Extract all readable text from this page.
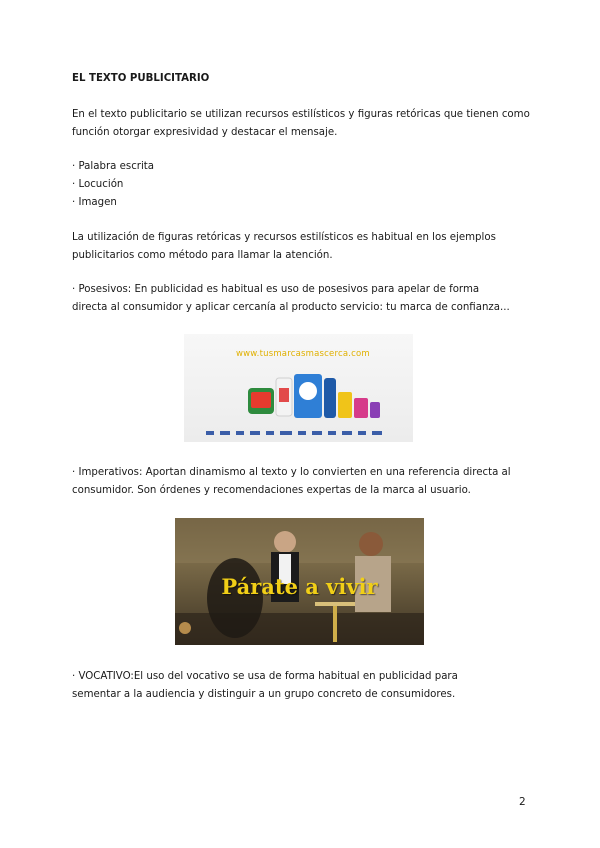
EL TEXTO PUBLICITARIO
En el texto publicitario se utilizan recursos estilísticos y figuras retóricas que tienen como
función otorgar expresividad y destacar el mensaje.
· Palabra escrita
· Locución
· Imagen
La utilización de figuras retóricas y recursos estilísticos es habitual en los ejemplos
publicitarios como método para llamar la atención.
· Posesivos: En publicidad es habitual es uso de posesivos para apelar de forma
directa al consumidor y aplicar cercanía al producto servicio: tu marca de confianza...
www.tusmarcasmascerca.com
· Imperativos: Aportan dinamismo al texto y lo convierten en una referencia directa al
consumidor. Son órdenes y recomendaciones expertas de la marca al usuario.
Párate a vivir
· VOCATIVO:El uso del vocativo se usa de forma habitual en publicidad para
sementar a la audiencia y distinguir a un grupo concreto de consumidores.
2
